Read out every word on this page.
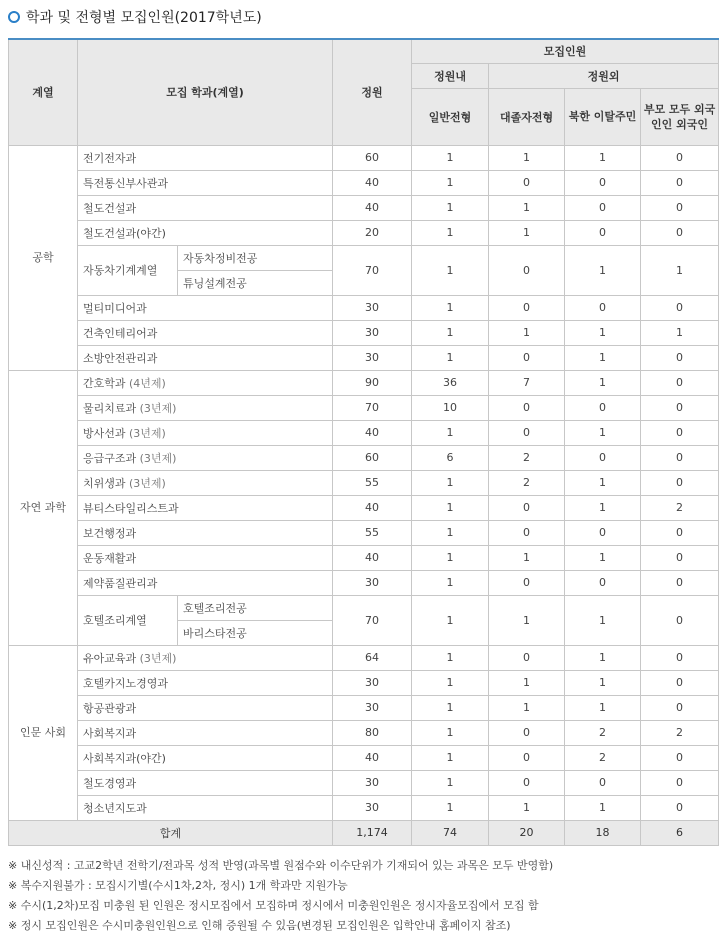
학과 및 전형별 모집인원(2017학년도)
계열	모집 학과(계열)		정원	모집인원			
				정원내	정원외		
				일반전형	대졸자전형	북한 이탈주민	부모 모두 외국인인 외국인
공학	전기전자과		60	1	1	1	0
	특전통신부사관과		40	1	0	0	0
	철도건설과		40	1	1	0	0
	철도건설과(야간)		20	1	1	0	0
	자동차기계계열	자동차정비전공	70	1	0	1	1
		튜닝설계전공					
	멀티미디어과		30	1	0	0	0
	건축인테리어과		30	1	1	1	1
	소방안전관리과		30	1	0	1	0
자연 과학	간호학과 (4년제)		90	36	7	1	0
	물리치료과 (3년제)		70	10	0	0	0
	방사선과 (3년제)		40	1	0	1	0
	응급구조과 (3년제)		60	6	2	0	0
	치위생과 (3년제)		55	1	2	1	0
	뷰티스타일리스트과		40	1	0	1	2
	보건행정과		55	1	0	0	0
	운동재활과		40	1	1	1	0
	제약품질관리과		30	1	0	0	0
	호텔조리계열	호텔조리전공	70	1	1	1	0
		바리스타전공					
인문 사회	유아교육과 (3년제)		64	1	0	1	0
	호텔카지노경영과		30	1	1	1	0
	항공관광과		30	1	1	1	0
	사회복지과		80	1	0	2	2
	사회복지과(야간)		40	1	0	2	0
	철도경영과		30	1	0	0	0
	청소년지도과		30	1	1	1	0
합계			1,174	74	20	18	6
※ 내신성적 : 고교2학년 전학기/전과목 성적 반영(과목별 원점수와 이수단위가 기재되어 있는 과목은 모두 반영함)
※ 복수지원불가 : 모집시기별(수시1차,2차, 정시) 1개 학과만 지원가능
※ 수시(1,2차)모집 미충원 된 인원은 정시모집에서 모집하며 정시에서 미충원인원은 정시자율모집에서 모집 함
※ 정시 모집인원은 수시미충원인원으로 인해 증원될 수 있음(변경된 모집인원은 입학안내 홈페이지 참조)
